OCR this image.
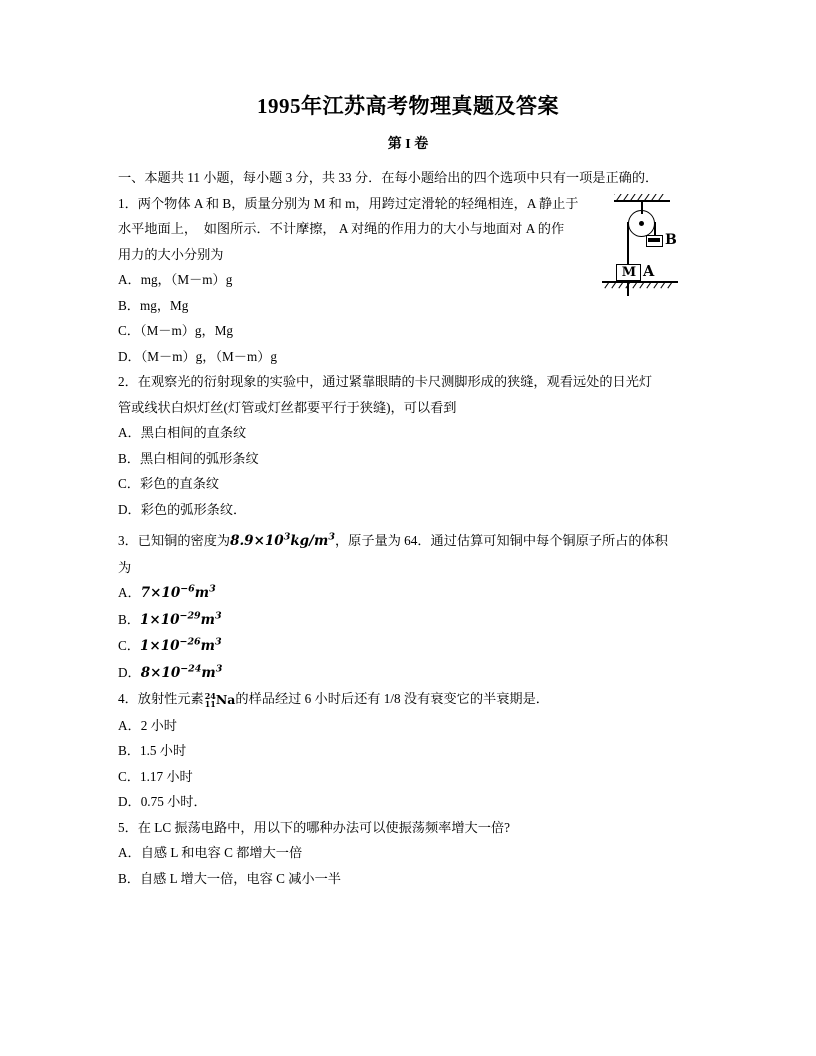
1995年江苏高考物理真题及答案
第 I 卷
一、本题共 11 小题，每小题 3 分，共 33 分．在每小题给出的四个选项中只有一项是正确的．
1．两个物体 A 和 B，质量分别为 M 和 m，用跨过定滑轮的轻绳相连，A 静止于
水平地面上，  如图所示．不计摩擦， A 对绳的作用力的大小与地面对 A 的作
用力的大小分别为
A．mg，（M－m）g
B．mg，Mg
C．（M－m）g，Mg
D．（M－m）g，（M－m）g
2．在观察光的衍射现象的实验中，通过紧靠眼睛的卡尺测脚形成的狭缝，观看远处的日光灯
管或线状白炽灯丝(灯管或灯丝都要平行于狭缝)，可以看到
A．黑白相间的直条纹
B．黑白相间的弧形条纹
C．彩色的直条纹
D．彩色的弧形条纹．
3．已知铜的密度为$8.9\times 10^3kg/m^3$，原子量为 64．通过估算可知铜中每个铜原子所占的体积
为
A．$7\times 10^{-6}m^3$
B．$1\times 10^{-29}m^3$
C．$1\times 10^{-26}m^3$
D．$8\times 10^{-24}m^3$
4．放射性元素 24
11 Na的样品经过 6 小时后还有 1/8 没有衰变它的半衰期是．
A．2 小时
B．1.5 小时
C．1.17 小时
D．0.75 小时．
5．在 LC 振荡电路中，用以下的哪种办法可以使振荡频率增大一倍?
A．自感 L 和电容 C 都增大一倍
B．自感 L 增大一倍，电容 C 减小一半
B
M A
